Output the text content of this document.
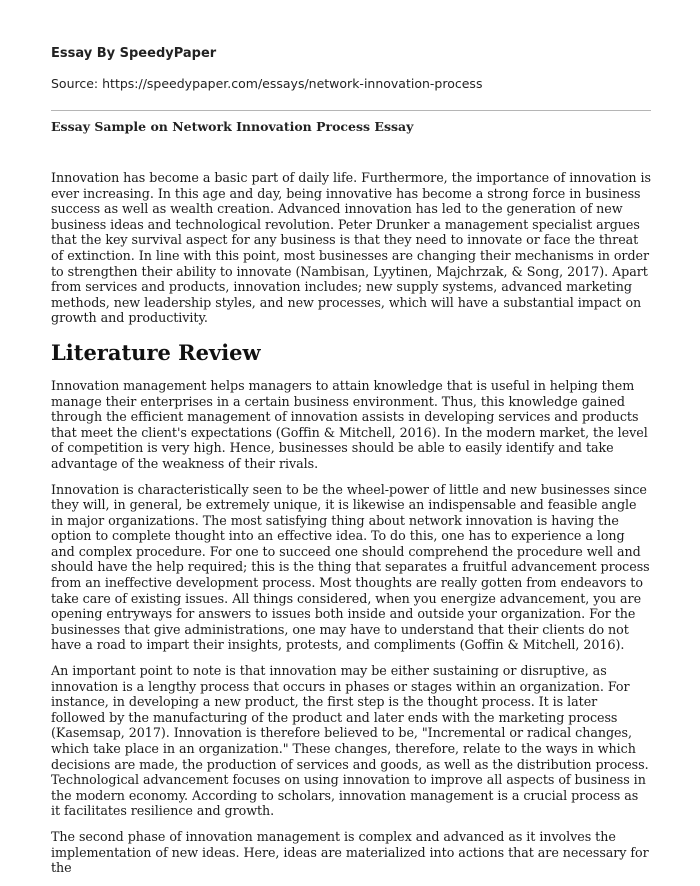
Essay By SpeedyPaper

Source: https://speedypaper.com/essays/network-innovation-process

Essay Sample on Network Innovation Process Essay

Innovation has become a basic part of daily life. Furthermore, the importance of innovation is ever increasing. In this age and day, being innovative has become a strong force in business success as well as wealth creation. Advanced innovation has led to the generation of new business ideas and technological revolution. Peter Drunker a management specialist argues that the key survival aspect for any business is that they need to innovate or face the threat of extinction. In line with this point, most businesses are changing their mechanisms in order to strengthen their ability to innovate (Nambisan, Lyytinen, Majchrzak, & Song, 2017). Apart from services and products, innovation includes; new supply systems, advanced marketing methods, new leadership styles, and new processes, which will have a substantial impact on growth and productivity.

Literature Review

Innovation management helps managers to attain knowledge that is useful in helping them manage their enterprises in a certain business environment. Thus, this knowledge gained through the efficient management of innovation assists in developing services and products that meet the client's expectations (Goffin & Mitchell, 2016). In the modern market, the level of competition is very high. Hence, businesses should be able to easily identify and take advantage of the weakness of their rivals.

Innovation is characteristically seen to be the wheel-power of little and new businesses since they will, in general, be extremely unique, it is likewise an indispensable and feasible angle in major organizations. The most satisfying thing about network innovation is having the option to complete thought into an effective idea. To do this, one has to experience a long and complex procedure. For one to succeed one should comprehend the procedure well and should have the help required; this is the thing that separates a fruitful advancement process from an ineffective development process. Most thoughts are really gotten from endeavors to take care of existing issues. All things considered, when you energize advancement, you are opening entryways for answers to issues both inside and outside your organization. For the businesses that give administrations, one may have to understand that their clients do not have a road to impart their insights, protests, and compliments (Goffin & Mitchell, 2016).

An important point to note is that innovation may be either sustaining or disruptive, as innovation is a lengthy process that occurs in phases or stages within an organization. For instance, in developing a new product, the first step is the thought process. It is later followed by the manufacturing of the product and later ends with the marketing process (Kasemsap, 2017). Innovation is therefore believed to be, "Incremental or radical changes, which take place in an organization." These changes, therefore, relate to the ways in which decisions are made, the production of services and goods, as well as the distribution process. Technological advancement focuses on using innovation to improve all aspects of business in the modern economy. According to scholars, innovation management is a crucial process as it facilitates resilience and growth.

The second phase of innovation management is complex and advanced as it involves the implementation of new ideas. Here, ideas are materialized into actions that are necessary for the
